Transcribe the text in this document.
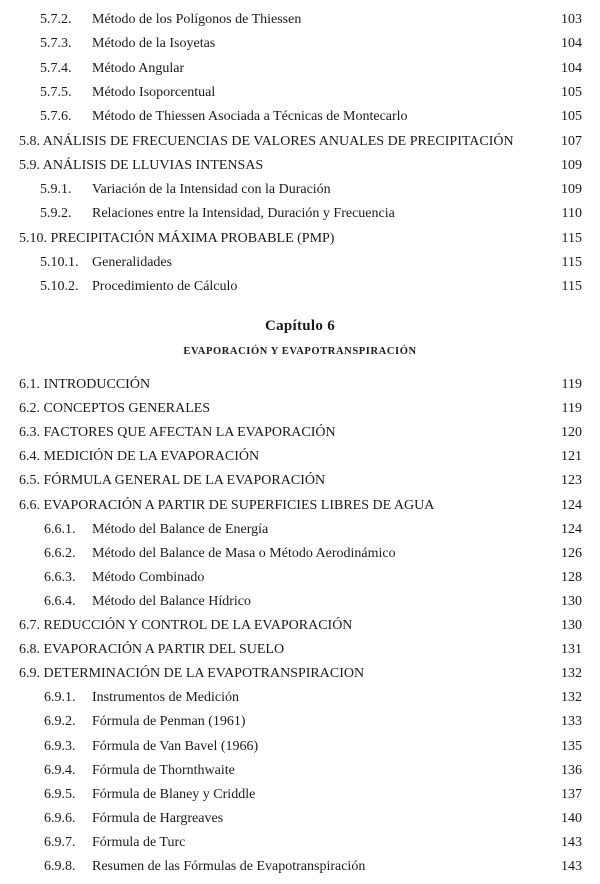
5.7.2. Método de los Polígonos de Thiessen	103
5.7.3. Método de la Isoyetas	104
5.7.4. Método Angular	104
5.7.5. Método Isoporcentual	105
5.7.6. Método de Thiessen Asociada a Técnicas de Montecarlo	105
5.8. ANÁLISIS DE FRECUENCIAS DE VALORES ANUALES DE PRECIPITACIÓN	107
5.9. ANÁLISIS DE LLUVIAS INTENSAS	109
5.9.1. Variación de la Intensidad con la Duración	109
5.9.2. Relaciones entre la Intensidad, Duración y Frecuencia	110
5.10. PRECIPITACIÓN MÁXIMA PROBABLE (PMP)	115
5.10.1. Generalidades	115
5.10.2. Procedimiento de Cálculo	115
Capítulo 6
EVAPORACIÓN Y EVAPOTRANSPIRACIÓN
6.1. INTRODUCCIÓN	119
6.2. CONCEPTOS GENERALES	119
6.3. FACTORES QUE AFECTAN LA EVAPORACIÓN	120
6.4. MEDICIÓN DE LA EVAPORACIÓN	121
6.5. FÓRMULA GENERAL DE LA EVAPORACIÓN	123
6.6. EVAPORACIÓN A PARTIR DE SUPERFICIES LIBRES DE AGUA	124
6.6.1. Método del Balance de Energía	124
6.6.2. Método del Balance de Masa o Método Aerodinámico	126
6.6.3. Método Combinado	128
6.6.4. Método del Balance Hídrico	130
6.7. REDUCCIÓN Y CONTROL DE LA EVAPORACIÓN	130
6.8. EVAPORACIÓN A PARTIR DEL SUELO	131
6.9. DETERMINACIÓN DE LA EVAPOTRANSPIRACION	132
6.9.1. Instrumentos de Medición	132
6.9.2. Fórmula de Penman (1961)	133
6.9.3. Fórmula de Van Bavel (1966)	135
6.9.4. Fórmula de Thornthwaite	136
6.9.5. Fórmula de Blaney y Criddle	137
6.9.6. Fórmula de Hargreaves	140
6.9.7. Fórmula de Turc	143
6.9.8. Resumen de las Fórmulas de Evapotranspiración	143
